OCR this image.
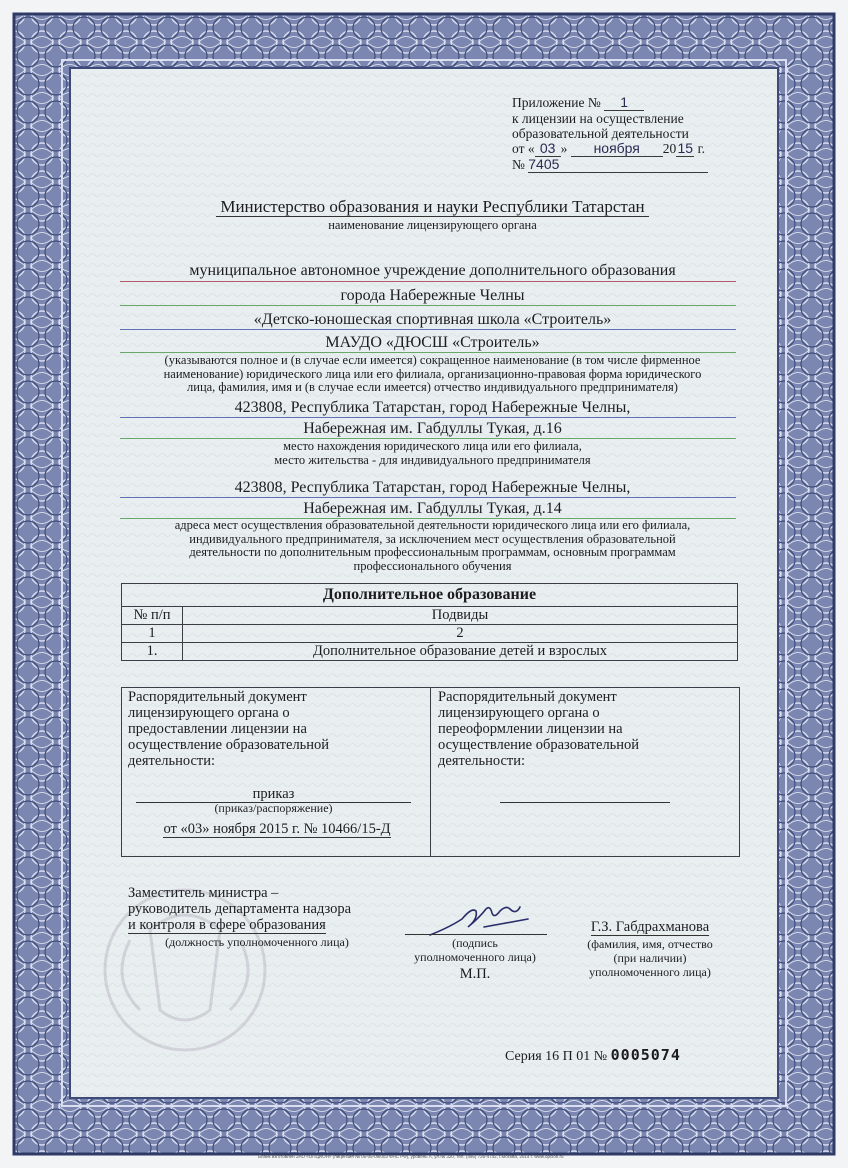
Приложение № 1
к лицензии на осуществление
образовательной деятельности
от « 03 » ноября 2015 г.
№ 7405
Министерство образования и науки Республики Татарстан
наименование лицензирующего органа
муниципальное автономное учреждение дополнительного образования
города Набережные Челны
«Детско-юношеская спортивная школа «Строитель»
МАУДО «ДЮСШ «Строитель»
(указываются полное и (в случае если имеется) сокращенное наименование (в том числе фирменное
наименование) юридического лица или его филиала, организационно-правовая форма юридического
лица, фамилия, имя и (в случае если имеется) отчество индивидуального предпринимателя)
423808, Республика Татарстан, город Набережные Челны,
Набережная им. Габдуллы Тукая, д.16
место нахождения юридического лица или его филиала,
место жительства - для индивидуального предпринимателя
423808, Республика Татарстан, город Набережные Челны,
Набережная им. Габдуллы Тукая, д.14
адреса мест осуществления образовательной деятельности юридического лица или его филиала,
индивидуального предпринимателя, за исключением мест осуществления образовательной
деятельности по дополнительным профессиональным программам, основным программам
профессионального обучения
Дополнительное образование	
№ п/п	Подвиды
1	2
1.	Дополнительное образование детей и взрослых
Распорядительный документ
лицензирующего органа о
предоставлении лицензии на
осуществление образовательной
деятельности:
приказ
(приказ/распоряжение)
от «03» ноября 2015 г. № 10466/15-Д
Распорядительный документ
лицензирующего органа о
переоформлении лицензии на
осуществление образовательной
деятельности:
Заместитель министра –
руководитель департамента надзора
и контроля в сфере образования
(должность уполномоченного лица)	(подпись
уполномоченного лица)
М.П.
Г.З. Габдрахманова
(фамилия, имя, отчество
(при наличии)
уполномоченного лица)
Серия 16 П 01 № 0005074
Бланк изготовлен ЗАО «ОПЦИОН» (лицензия № 05-05-09/003 ФНС РФ), уровень А, ул.№ 320, тел. (495) 726-4742, г.Москва, 2014 г. www.opcion.ru
